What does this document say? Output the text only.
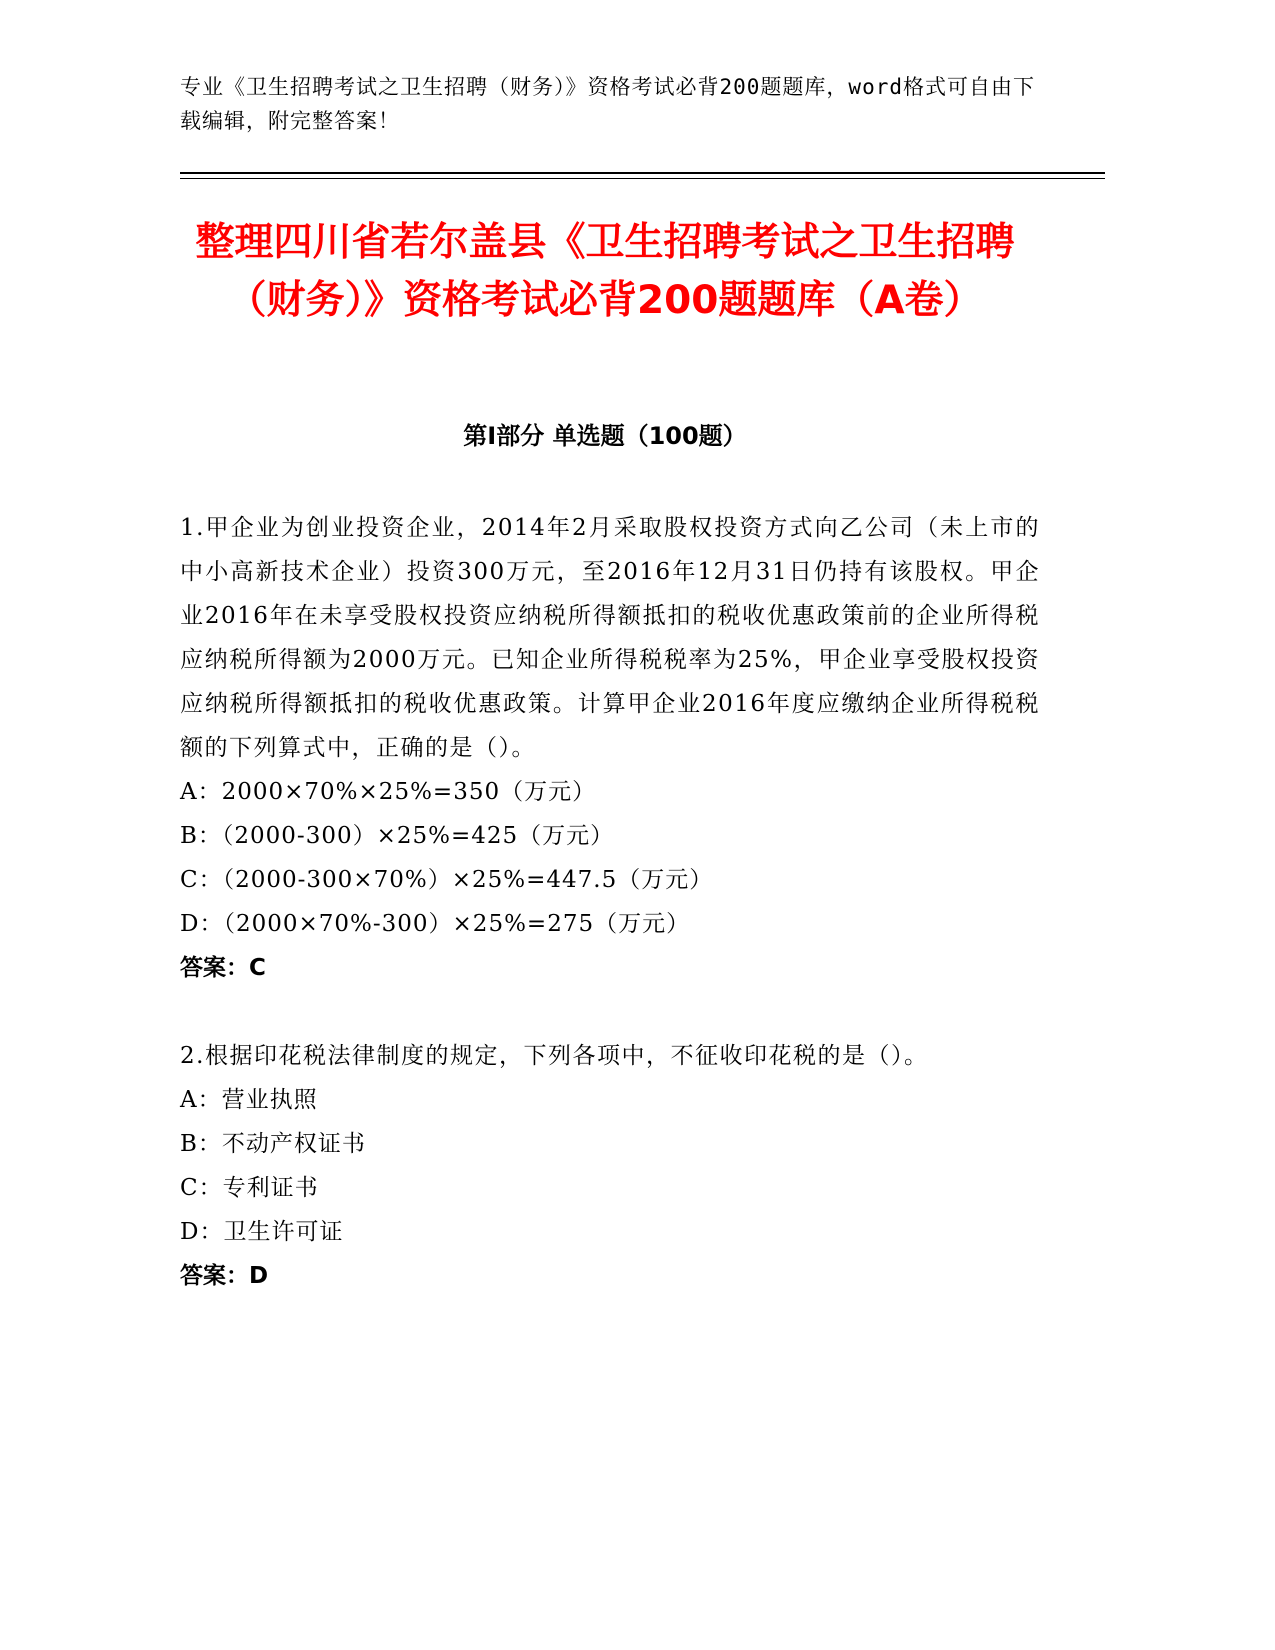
专业《卫生招聘考试之卫生招聘（财务）》资格考试必背200题题库，word格式可自由下载编辑，附完整答案！
整理四川省若尔盖县《卫生招聘考试之卫生招聘（财务）》资格考试必背200题题库（A卷）
第I部分 单选题（100题）
1.甲企业为创业投资企业，2014年2月采取股权投资方式向乙公司（未上市的中小高新技术企业）投资300万元，至2016年12月31日仍持有该股权。甲企业2016年在未享受股权投资应纳税所得额抵扣的税收优惠政策前的企业所得税应纳税所得额为2000万元。已知企业所得税税率为25%，甲企业享受股权投资应纳税所得额抵扣的税收优惠政策。计算甲企业2016年度应缴纳企业所得税税额的下列算式中，正确的是（）。
A：2000×70%×25%=350（万元）
B：（2000-300）×25%=425（万元）
C：（2000-300×70%）×25%=447.5（万元）
D：（2000×70%-300）×25%=275（万元）
答案：C
2.根据印花税法律制度的规定，下列各项中，不征收印花税的是（）。
A：营业执照
B：不动产权证书
C：专利证书
D：卫生许可证
答案：D
